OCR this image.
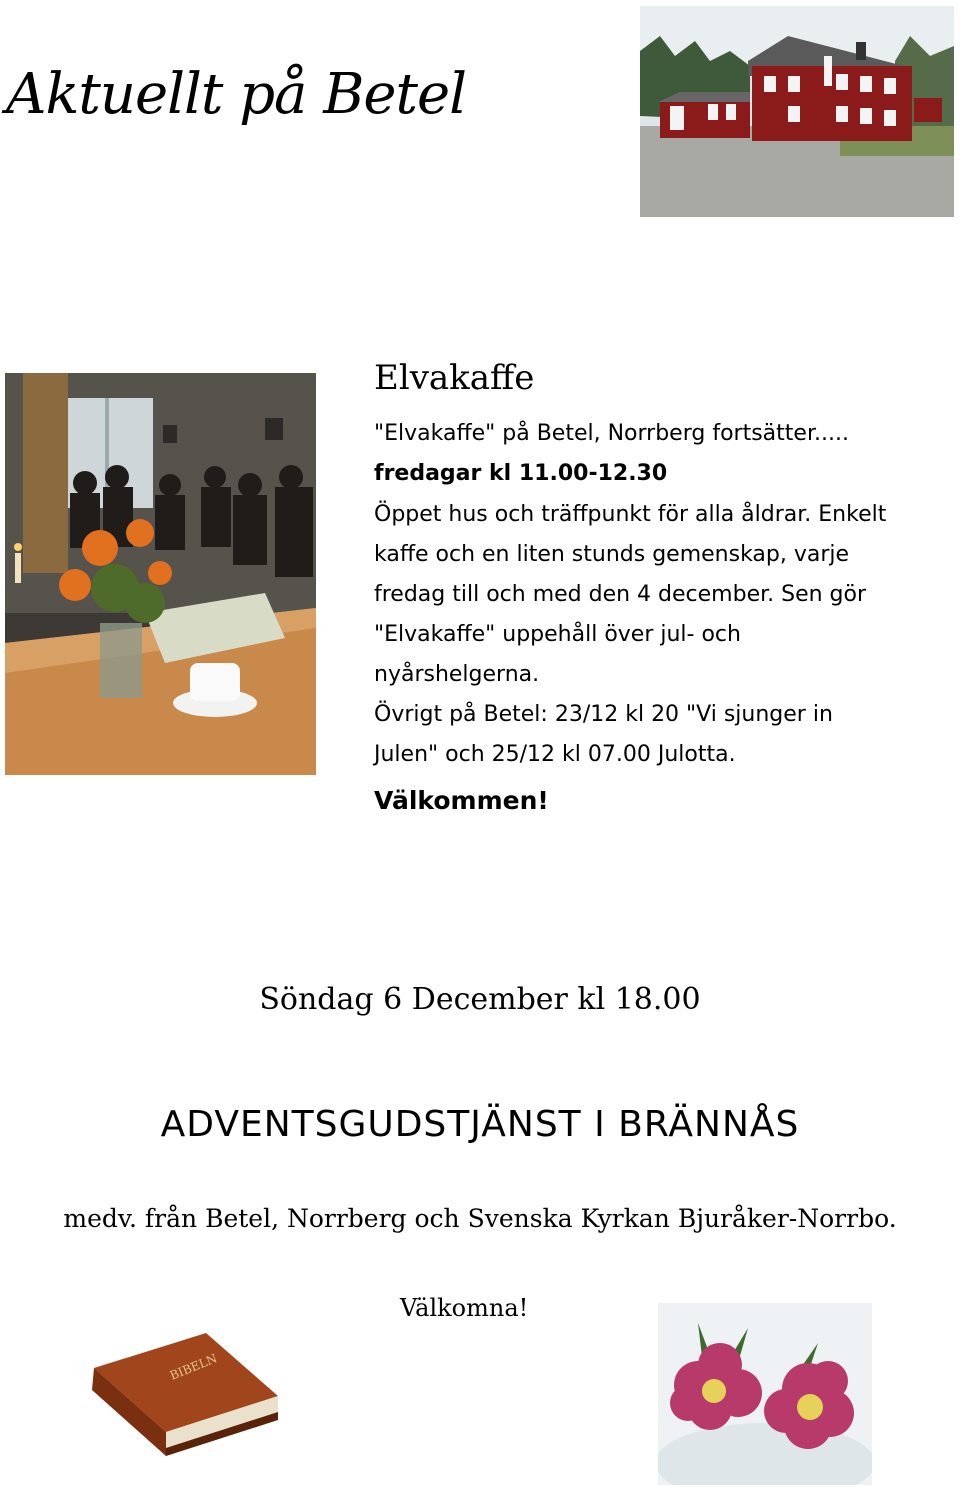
Aktuellt på Betel
Elvakaffe
"Elvakaffe" på Betel, Norrberg fortsätter.....
fredagar kl 11.00-12.30
Öppet hus och träffpunkt för alla åldrar. Enkelt
kaffe och en liten stunds gemenskap, varje
fredag till och med den 4 december. Sen gör
"Elvakaffe" uppehåll över jul- och
nyårshelgerna.
Övrigt på Betel: 23/12 kl 20 "Vi sjunger in
Julen" och 25/12 kl 07.00 Julotta.
Välkommen!
Söndag 6 December kl 18.00
ADVENTSGUDSTJÄNST I BRÄNNÅS
medv. från Betel, Norrberg och Svenska Kyrkan Bjuråker-Norrbo.
Välkomna!
BIBELN
